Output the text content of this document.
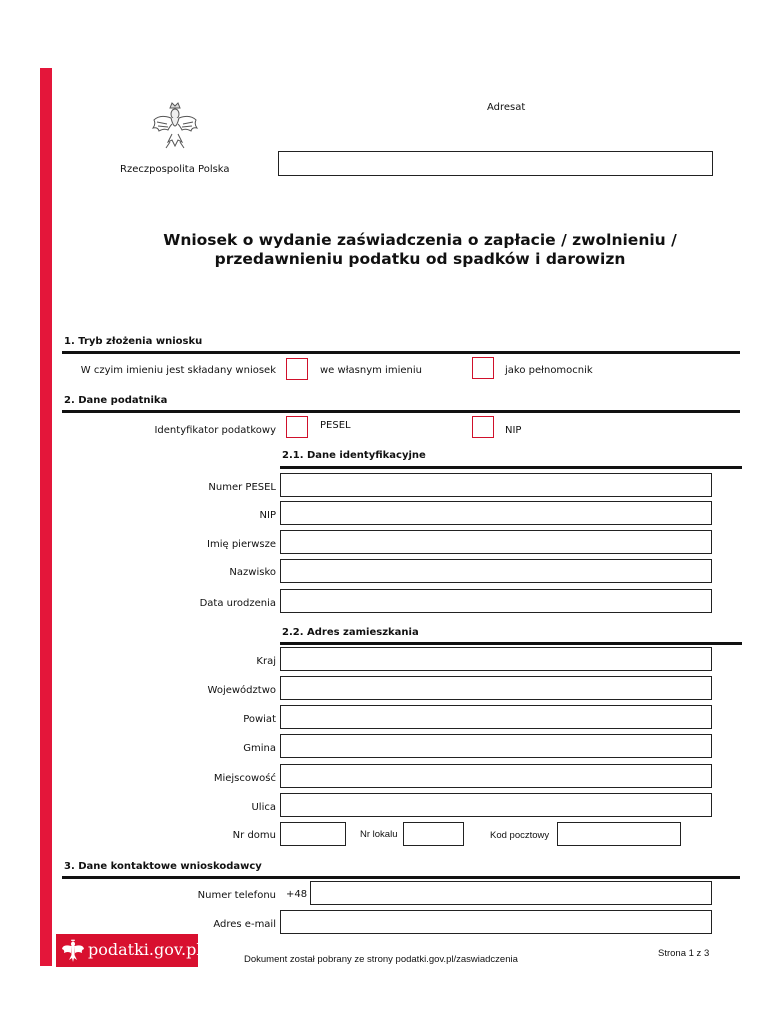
Rzeczpospolita Polska
Adresat
Wniosek o wydanie zaświadczenia o zapłacie / zwolnieniu /
przedawnieniu podatku od spadków i darowizn
1. Tryb złożenia wniosku
W czyim imieniu jest składany wniosek	we własnym imieniu	jako pełnomocnik
2. Dane podatnika
Identyfikator podatkowy	PESEL	NIP
2.1. Dane identyfikacyjne
Numer PESEL
NIP
Imię pierwsze
Nazwisko
Data urodzenia
2.2. Adres zamieszkania
Kraj
Województwo
Powiat
Gmina
Miejscowość
Ulica
Nr domu	Nr lokalu	Kod pocztowy
3. Dane kontaktowe wnioskodawcy
Numer telefonu +48
Adres e-mail
podatki.gov.pl
Dokument został pobrany ze strony podatki.gov.pl/zaswiadczenia
Strona 1 z 3
